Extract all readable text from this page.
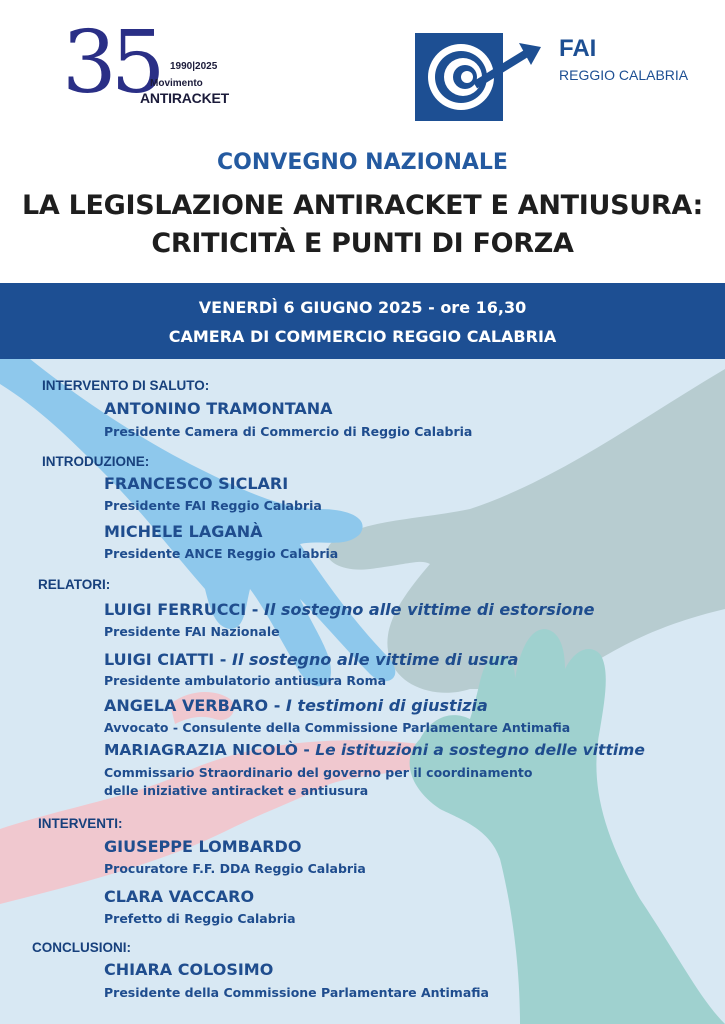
35 1990|2025
Movimento
ANTIRACKET
FAI
REGGIO CALABRIA
CONVEGNO NAZIONALE
LA LEGISLAZIONE ANTIRACKET E ANTIUSURA:
CRITICITÀ E PUNTI DI FORZA
VENERDÌ 6 GIUGNO 2025 - ore 16,30
CAMERA DI COMMERCIO REGGIO CALABRIA
INTERVENTO DI SALUTO:
ANTONINO TRAMONTANA
Presidente Camera di Commercio di Reggio Calabria
INTRODUZIONE:
FRANCESCO SICLARI
Presidente FAI Reggio Calabria
MICHELE LAGANÀ
Presidente ANCE Reggio Calabria
RELATORI:
LUIGI FERRUCCI - Il sostegno alle vittime di estorsione
Presidente FAI Nazionale
LUIGI CIATTI - Il sostegno alle vittime di usura
Presidente ambulatorio antiusura Roma
ANGELA VERBARO - I testimoni di giustizia
Avvocato - Consulente della Commissione Parlamentare Antimafia
MARIAGRAZIA NICOLÒ - Le istituzioni a sostegno delle vittime
Commissario Straordinario del governo per il coordinamento
delle iniziative antiracket e antiusura
INTERVENTI:
GIUSEPPE LOMBARDO
Procuratore F.F. DDA Reggio Calabria
CLARA VACCARO
Prefetto di Reggio Calabria
CONCLUSIONI:
CHIARA COLOSIMO
Presidente della Commissione Parlamentare Antimafia
